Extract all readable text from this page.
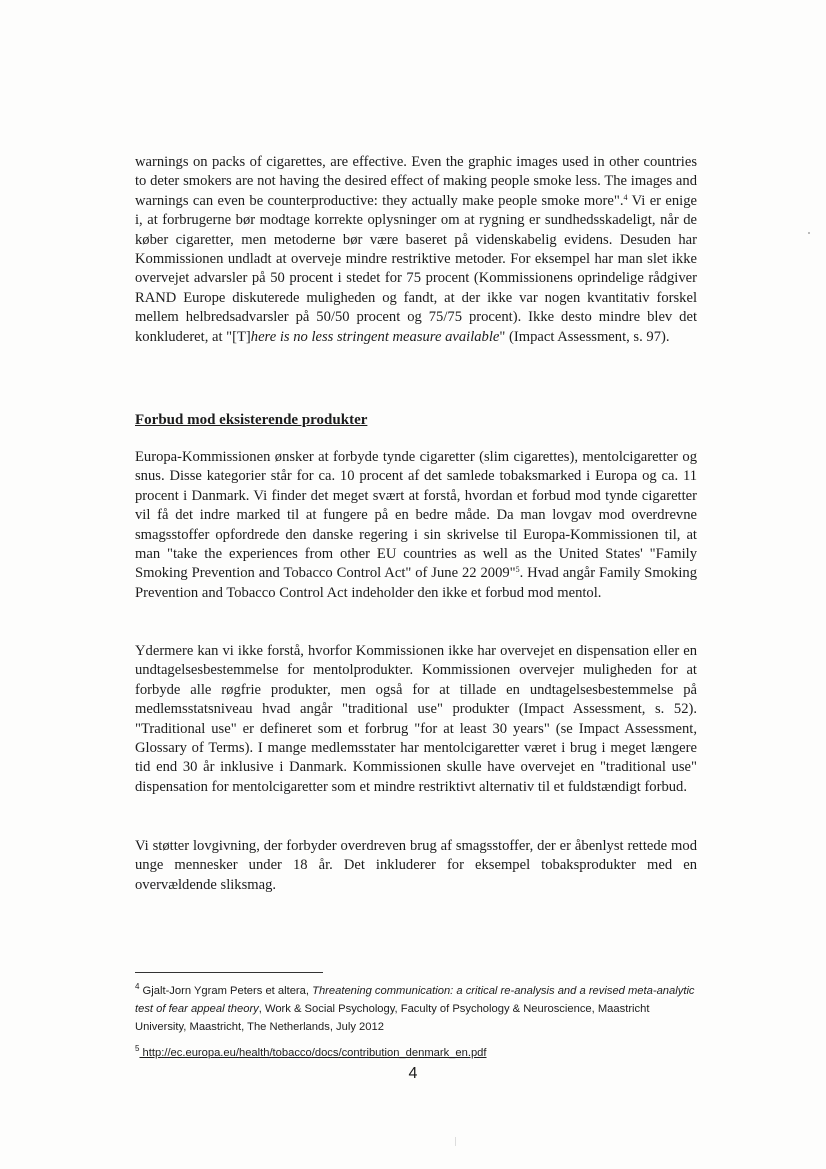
warnings on packs of cigarettes, are effective. Even the graphic images used in other countries to deter smokers are not having the desired effect of making people smoke less. The images and warnings can even be counterproductive: they actually make people smoke more".$^4$ Vi er enige i, at forbrugerne bør modtage korrekte oplysninger om at rygning er sundhedsskadeligt, når de køber cigaretter, men metoderne bør være baseret på videnskabelig evidens. Desuden har Kommissionen undladt at overveje mindre restriktive metoder. For eksempel har man slet ikke overvejet advarsler på 50 procent i stedet for 75 procent (Kommissionens oprindelige rådgiver RAND Europe diskuterede muligheden og fandt, at der ikke var nogen kvantitativ forskel mellem helbredsadvarsler på 50/50 procent og 75/75 procent). Ikke desto mindre blev det konkluderet, at "[T]here is no less stringent measure available" (Impact Assessment, s. 97).
Forbud mod eksisterende produkter
Europa-Kommissionen ønsker at forbyde tynde cigaretter (slim cigarettes), mentolcigaretter og snus. Disse kategorier står for ca. 10 procent af det samlede tobaksmarked i Europa og ca. 11 procent i Danmark. Vi finder det meget svært at forstå, hvordan et forbud mod tynde cigaretter vil få det indre marked til at fungere på en bedre måde. Da man lovgav mod overdrevne smagsstoffer opfordrede den danske regering i sin skrivelse til Europa-Kommissionen til, at man "take the experiences from other EU countries as well as the United States' "Family Smoking Prevention and Tobacco Control Act" of June 22 2009"$^5$. Hvad angår Family Smoking Prevention and Tobacco Control Act indeholder den ikke et forbud mod mentol.
Ydermere kan vi ikke forstå, hvorfor Kommissionen ikke har overvejet en dispensation eller en undtagelsesbestemmelse for mentolprodukter. Kommissionen overvejer muligheden for at forbyde alle røgfrie produkter, men også for at tillade en undtagelsesbestemmelse på medlemsstatsniveau hvad angår "traditional use" produkter (Impact Assessment, s. 52). "Traditional use" er defineret som et forbrug "for at least 30 years" (se Impact Assessment, Glossary of Terms). I mange medlemsstater har mentolcigaretter været i brug i meget længere tid end 30 år inklusive i Danmark. Kommissionen skulle have overvejet en "traditional use" dispensation for mentolcigaretter som et mindre restriktivt alternativ til et fuldstændigt forbud.
Vi støtter lovgivning, der forbyder overdreven brug af smagsstoffer, der er åbenlyst rettede mod unge mennesker under 18 år. Det inkluderer for eksempel tobaksprodukter med en overvældende sliksmag.
$^4$ Gjalt-Jorn Ygram Peters et altera, Threatening communication: a critical re-analysis and a revised meta-analytic test of fear appeal theory, Work & Social Psychology, Faculty of Psychology & Neuroscience, Maastricht University, Maastricht, The Netherlands, July 2012
$^5$ http://ec.europa.eu/health/tobacco/docs/contribution_denmark_en.pdf
4
